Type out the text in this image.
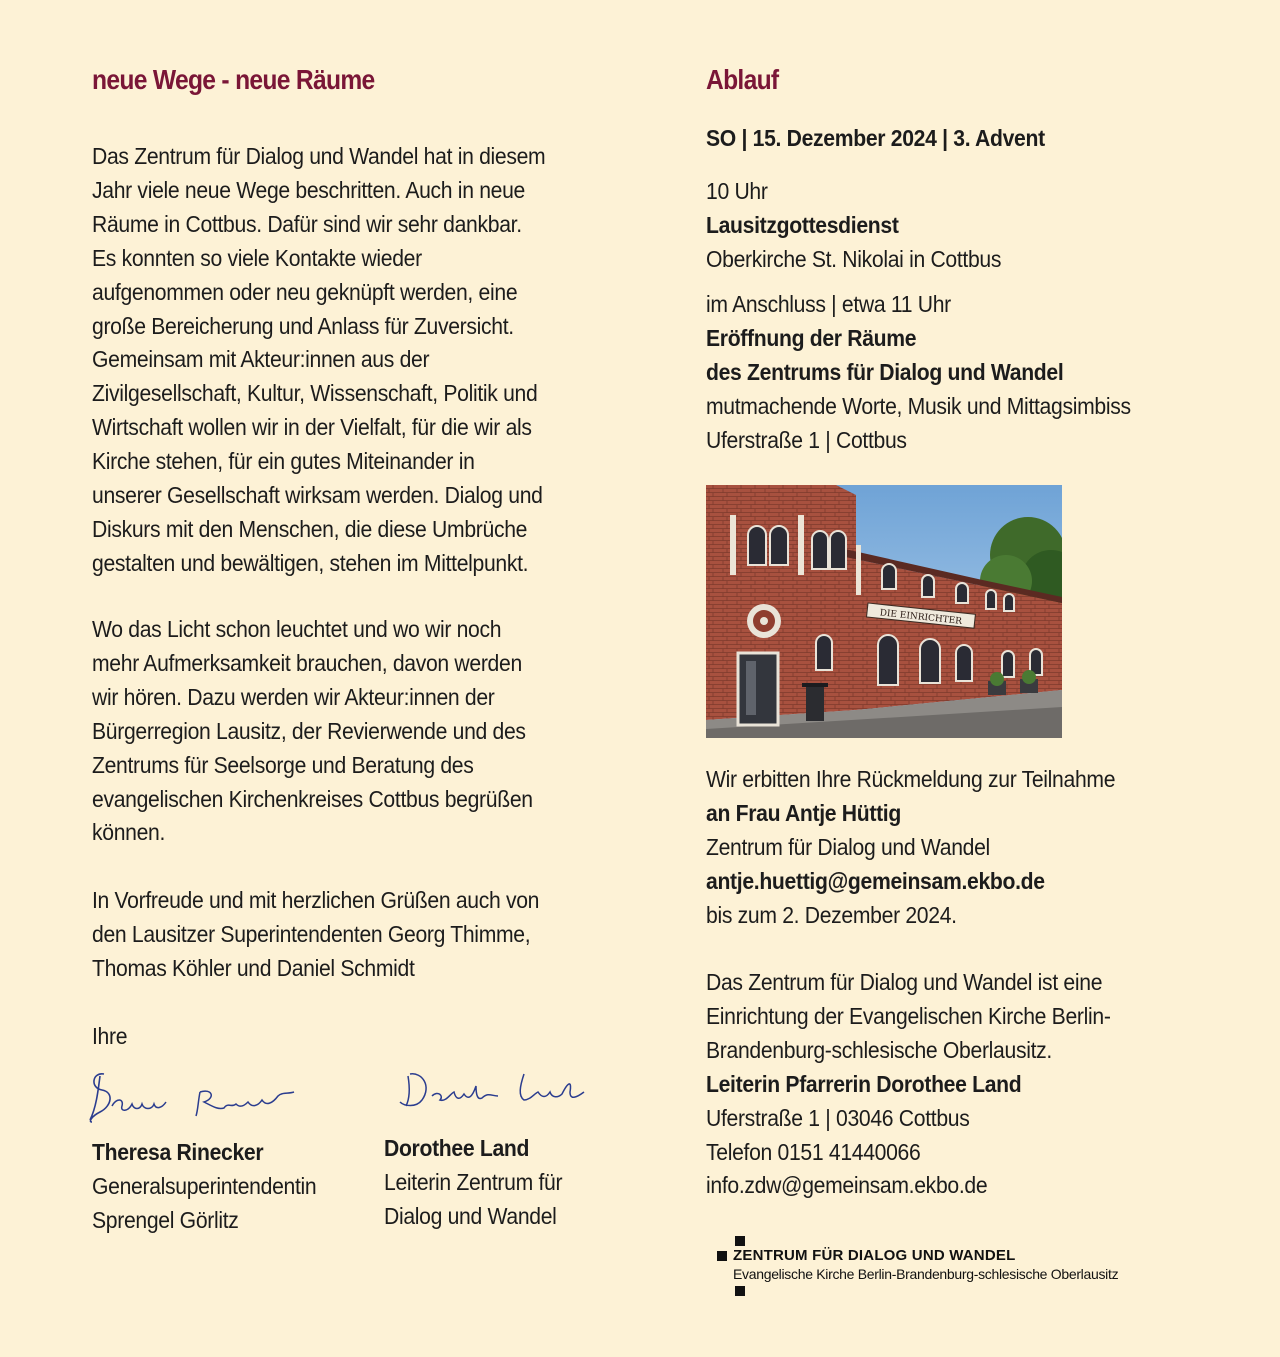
neue Wege - neue Räume
Das Zentrum für Dialog und Wandel hat in diesem
Jahr viele neue Wege beschritten. Auch in neue
Räume in Cottbus. Dafür sind wir sehr dankbar.
Es konnten so viele Kontakte wieder
aufgenommen oder neu geknüpft werden, eine
große Bereicherung und Anlass für Zuversicht.
Gemeinsam mit Akteur:innen aus der
Zivilgesellschaft, Kultur, Wissenschaft, Politik und
Wirtschaft wollen wir in der Vielfalt, für die wir als
Kirche stehen, für ein gutes Miteinander in
unserer Gesellschaft wirksam werden. Dialog und
Diskurs mit den Menschen, die diese Umbrüche
gestalten und bewältigen, stehen im Mittelpunkt.
Wo das Licht schon leuchtet und wo wir noch
mehr Aufmerksamkeit brauchen, davon werden
wir hören. Dazu werden wir Akteur:innen der
Bürgerregion Lausitz, der Revierwende und des
Zentrums für Seelsorge und Beratung des
evangelischen Kirchenkreises Cottbus begrüßen
können.
In Vorfreude und mit herzlichen Grüßen auch von
den Lausitzer Superintendenten Georg Thimme,
Thomas Köhler und Daniel Schmidt
Ihre
Theresa Rinecker
Generalsuperintendentin
Sprengel Görlitz
Dorothee Land
Leiterin Zentrum für
Dialog und Wandel
Ablauf
SO | 15. Dezember 2024 | 3. Advent
10 Uhr
Lausitzgottesdienst
Oberkirche St. Nikolai in Cottbus
im Anschluss | etwa 11 Uhr
Eröffnung der Räume
des Zentrums für Dialog und Wandel
mutmachende Worte, Musik und Mittagsimbiss
Uferstraße 1 | Cottbus
DIE EINRICHTER
Wir erbitten Ihre Rückmeldung zur Teilnahme
an Frau Antje Hüttig
Zentrum für Dialog und Wandel
antje.huettig@gemeinsam.ekbo.de
bis zum 2. Dezember 2024.
Das Zentrum für Dialog und Wandel ist eine
Einrichtung der Evangelischen Kirche Berlin-
Brandenburg-schlesische Oberlausitz.
Leiterin Pfarrerin Dorothee Land
Uferstraße 1 | 03046 Cottbus
Telefon 0151 41440066
info.zdw@gemeinsam.ekbo.de
ZENTRUM FÜR DIALOG UND WANDEL
Evangelische Kirche Berlin-Brandenburg-schlesische Oberlausitz
